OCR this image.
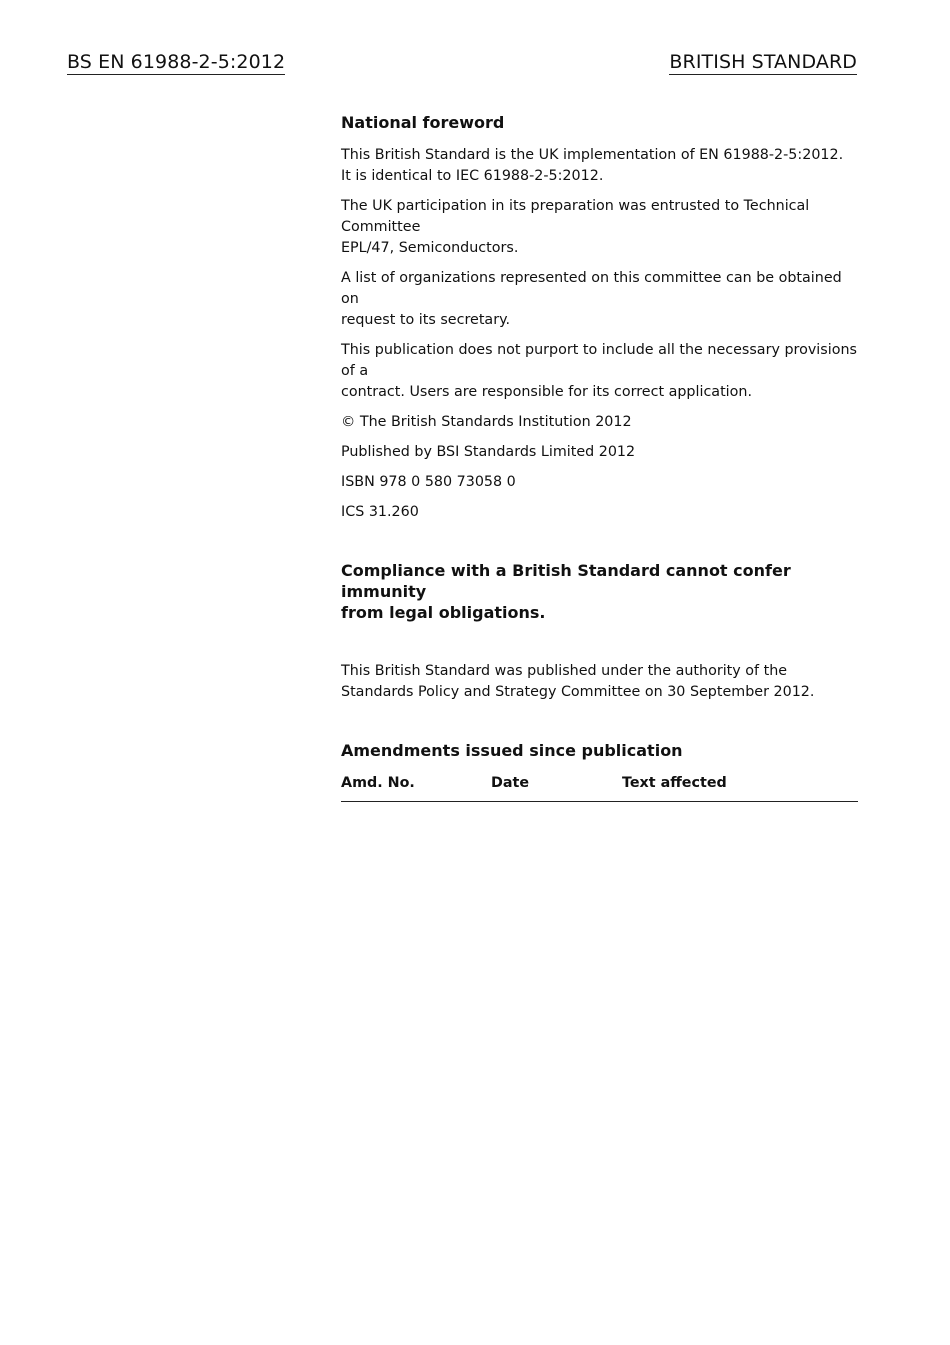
BS EN 61988-2-5:2012	BRITISH STANDARD
National foreword
This British Standard is the UK implementation of EN 61988-2-5:2012.
It is identical to IEC 61988-2-5:2012.
The UK participation in its preparation was entrusted to Technical Committee
EPL/47, Semiconductors.
A list of organizations represented on this committee can be obtained on
request to its secretary.
This publication does not purport to include all the necessary provisions of a
contract. Users are responsible for its correct application.
© The British Standards Institution 2012
Published by BSI Standards Limited 2012
ISBN 978 0 580 73058 0
ICS 31.260
Compliance with a British Standard cannot confer immunity
from legal obligations.
This British Standard was published under the authority of the
Standards Policy and Strategy Committee on 30 September 2012.
Amendments issued since publication
Amd. No.	Date	Text affected
